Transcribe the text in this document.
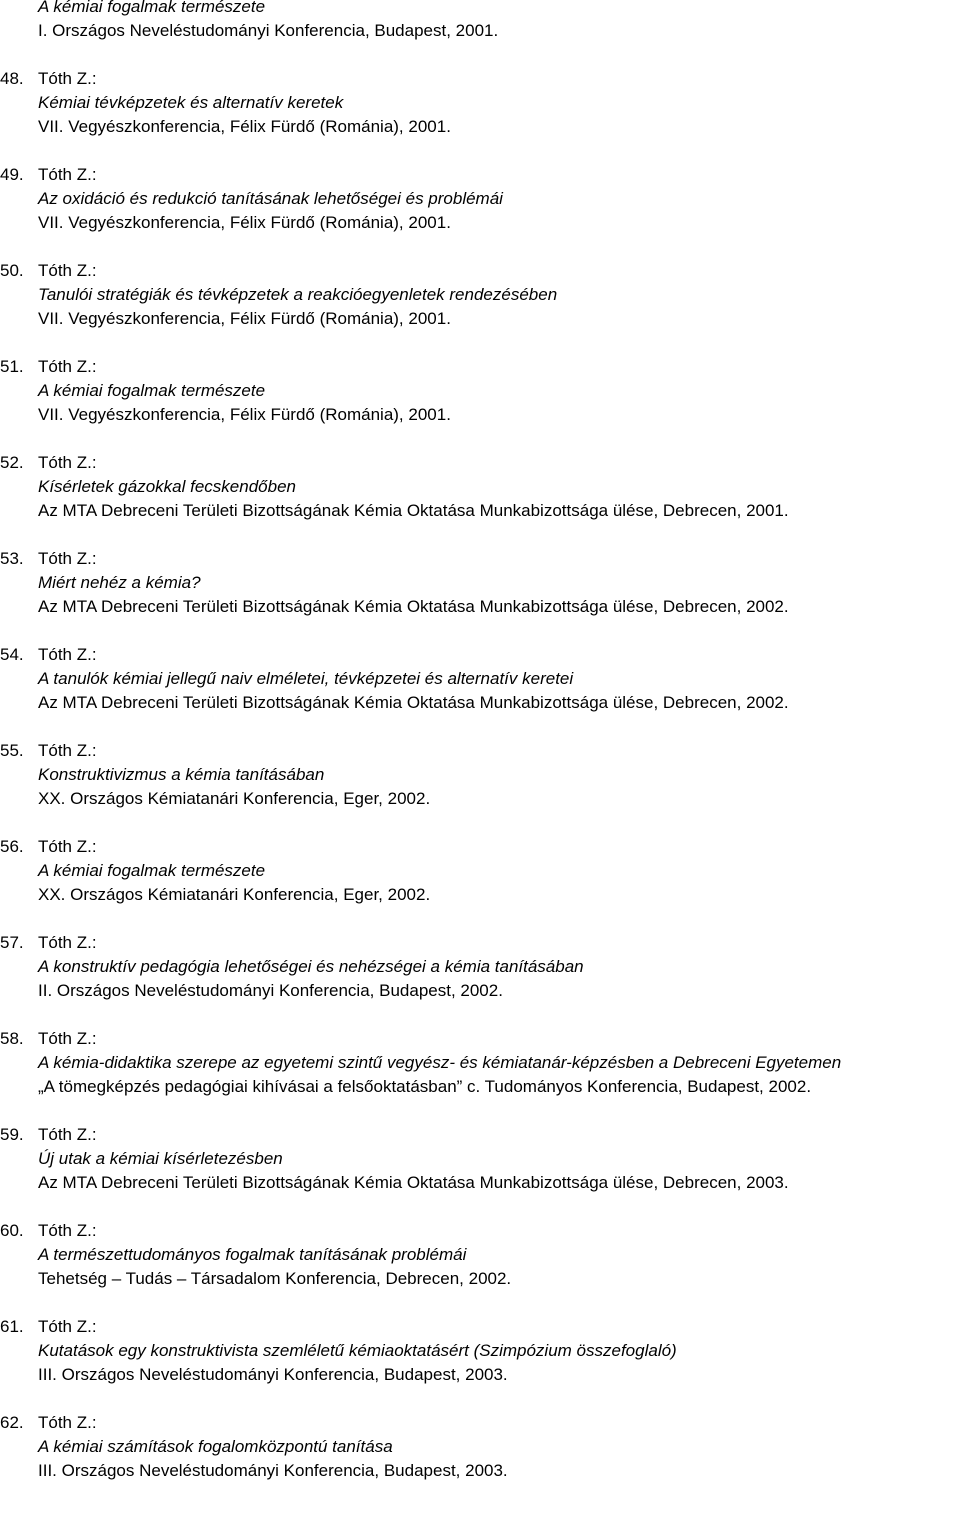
A kémiai fogalmak természete
I. Országos Neveléstudományi Konferencia, Budapest, 2001.
48. Tóth Z.:
Kémiai tévképzetek és alternatív keretek
VII. Vegyészkonferencia, Félix Fürdő (Románia), 2001.
49. Tóth Z.:
Az oxidáció és redukció tanításának lehetőségei és problémái
VII. Vegyészkonferencia, Félix Fürdő (Románia), 2001.
50. Tóth Z.:
Tanulói stratégiák és tévképzetek a reakcióegyenletek rendezésében
VII. Vegyészkonferencia, Félix Fürdő (Románia), 2001.
51. Tóth Z.:
A kémiai fogalmak természete
VII. Vegyészkonferencia, Félix Fürdő (Románia), 2001.
52. Tóth Z.:
Kísérletek gázokkal fecskendőben
Az MTA Debreceni Területi Bizottságának Kémia Oktatása Munkabizottsága ülése, Debrecen, 2001.
53. Tóth Z.:
Miért nehéz a kémia?
Az MTA Debreceni Területi Bizottságának Kémia Oktatása Munkabizottsága ülése, Debrecen, 2002.
54. Tóth Z.:
A tanulók kémiai jellegű naiv elméletei, tévképzetei és alternatív keretei
Az MTA Debreceni Területi Bizottságának Kémia Oktatása Munkabizottsága ülése, Debrecen, 2002.
55. Tóth Z.:
Konstruktivizmus a kémia tanításában
XX. Országos Kémiatanári Konferencia, Eger, 2002.
56. Tóth Z.:
A kémiai fogalmak természete
XX. Országos Kémiatanári Konferencia, Eger, 2002.
57. Tóth Z.:
A konstruktív pedagógia lehetőségei és nehézségei a kémia tanításában
II. Országos Neveléstudományi Konferencia, Budapest, 2002.
58. Tóth Z.:
A kémia-didaktika szerepe az egyetemi szintű vegyész- és kémiatanár-képzésben a Debreceni Egyetemen
„A tömegképzés pedagógiai kihívásai a felsőoktatásban” c. Tudományos Konferencia, Budapest, 2002.
59. Tóth Z.:
Új utak a kémiai kísérletezésben
Az MTA Debreceni Területi Bizottságának Kémia Oktatása Munkabizottsága ülése, Debrecen, 2003.
60. Tóth Z.:
A természettudományos fogalmak tanításának problémái
Tehetség – Tudás – Társadalom Konferencia, Debrecen, 2002.
61. Tóth Z.:
Kutatások egy konstruktivista szemléletű kémiaoktatásért (Szimpózium összefoglaló)
III. Országos Neveléstudományi Konferencia, Budapest, 2003.
62. Tóth Z.:
A kémiai számítások fogalomközpontú tanítása
III. Országos Neveléstudományi Konferencia, Budapest, 2003.
